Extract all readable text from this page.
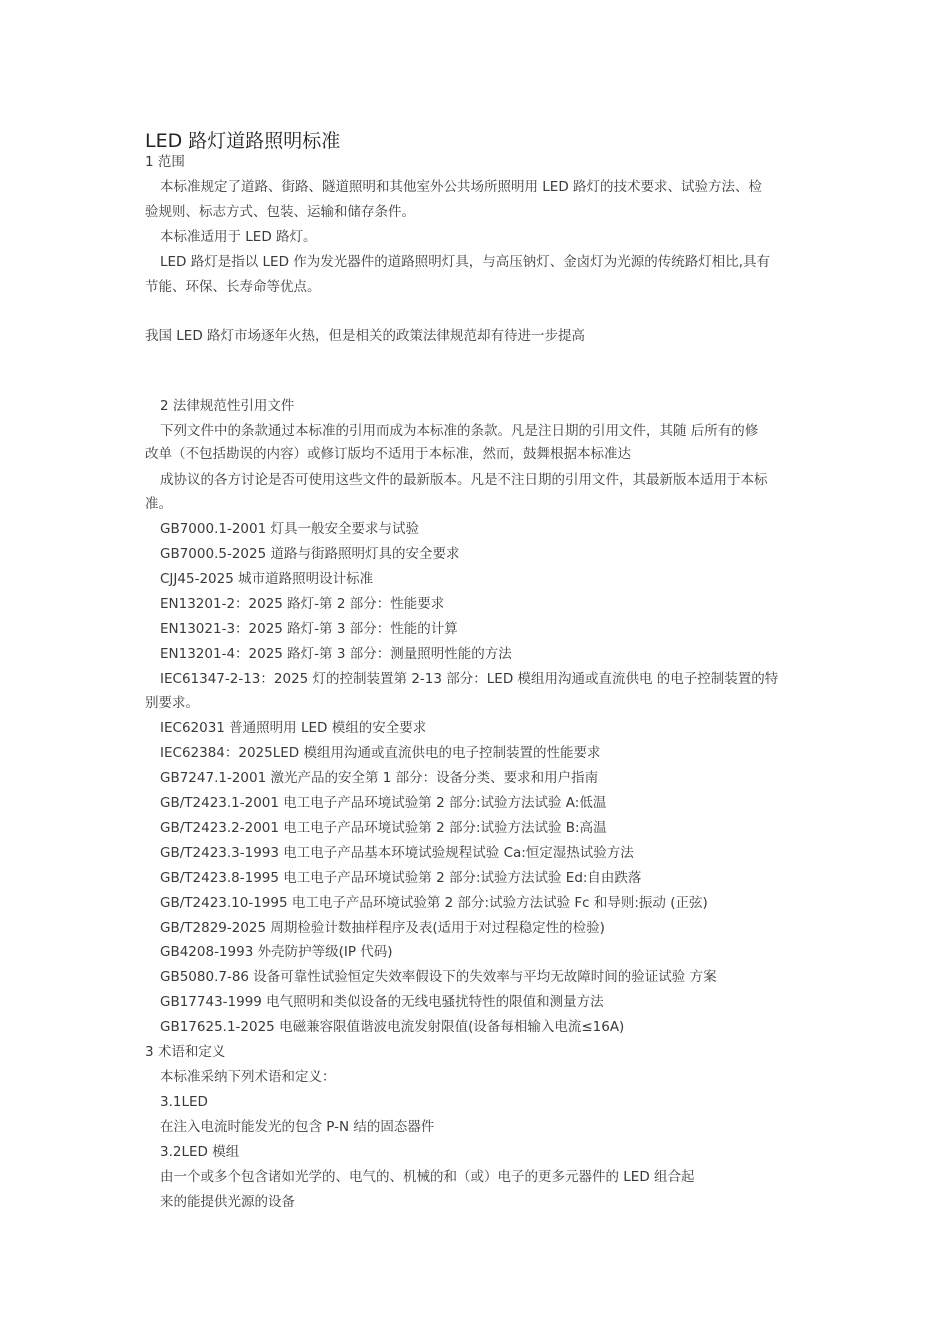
LED 路灯道路照明标准
1 范围
本标准规定了道路、街路、隧道照明和其他室外公共场所照明用 LED 路灯的技术要求、试验方法、检
验规则、标志方式、包装、运输和储存条件。
本标准适用于 LED 路灯。
LED 路灯是指以 LED 作为发光器件的道路照明灯具，与高压钠灯、金卤灯为光源的传统路灯相比,具有
节能、环保、长寿命等优点。
我国 LED 路灯市场逐年火热，但是相关的政策法律规范却有待进一步提高
2 法律规范性引用文件
下列文件中的条款通过本标准的引用而成为本标准的条款。凡是注日期的引用文件，其随 后所有的修
改单（不包括勘误的内容）或修订版均不适用于本标准，然而，鼓舞根据本标准达
成协议的各方讨论是否可使用这些文件的最新版本。凡是不注日期的引用文件，其最新版本适用于本标
准。
GB7000.1-2001 灯具一般安全要求与试验
GB7000.5-2025 道路与街路照明灯具的安全要求
CJJ45-2025 城市道路照明设计标准
EN13201-2：2025 路灯-第 2 部分：性能要求
EN13021-3：2025 路灯-第 3 部分：性能的计算
EN13201-4：2025 路灯-第 3 部分：测量照明性能的方法
IEC61347-2-13：2025 灯的控制装置第 2-13 部分：LED 模组用沟通或直流供电 的电子控制装置的特
别要求。
IEC62031 普通照明用 LED 模组的安全要求
IEC62384：2025LED 模组用沟通或直流供电的电子控制装置的性能要求
GB7247.1-2001 激光产品的安全第 1 部分：设备分类、要求和用户指南
GB/T2423.1-2001 电工电子产品环境试验第 2 部分:试验方法试验 A:低温
GB/T2423.2-2001 电工电子产品环境试验第 2 部分:试验方法试验 B:高温
GB/T2423.3-1993 电工电子产品基本环境试验规程试验 Ca:恒定湿热试验方法
GB/T2423.8-1995 电工电子产品环境试验第 2 部分:试验方法试验 Ed:自由跌落
GB/T2423.10-1995 电工电子产品环境试验第 2 部分:试验方法试验 Fc 和导则:振动 (正弦)
GB/T2829-2025 周期检验计数抽样程序及表(适用于对过程稳定性的检验)
GB4208-1993 外壳防护等级(IP 代码)
GB5080.7-86 设备可靠性试验恒定失效率假设下的失效率与平均无故障时间的验证试验 方案
GB17743-1999 电气照明和类似设备的无线电骚扰特性的限值和测量方法
GB17625.1-2025 电磁兼容限值谐波电流发射限值(设备每相输入电流≤16A)
3 术语和定义
本标准采纳下列术语和定义：
3.1LED
在注入电流时能发光的包含 P-N 结的固态器件
3.2LED 模组
由一个或多个包含诸如光学的、电气的、机械的和（或）电子的更多元器件的 LED 组合起
来的能提供光源的设备
